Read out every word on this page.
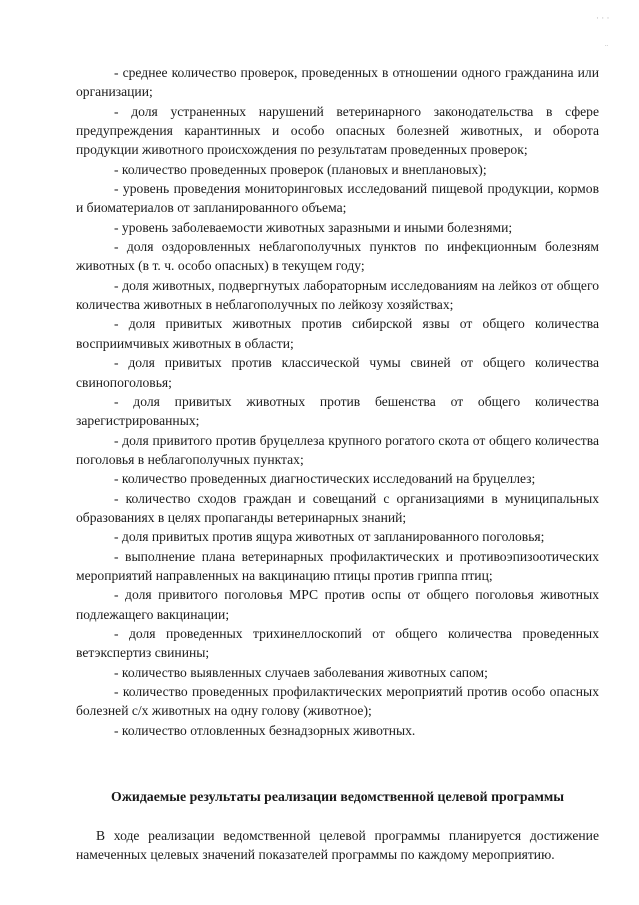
· · ·
¨

- среднее количество проверок, проведенных в отношении одного гражданина или организации;

- доля устраненных нарушений ветеринарного законодательства в сфере предупреждения карантинных и особо опасных болезней животных, и оборота продукции животного происхождения по результатам проведенных проверок;

- количество проведенных проверок (плановых и внеплановых);

- уровень проведения мониторинговых исследований пищевой продукции, кормов и биоматериалов от запланированного объема;

- уровень заболеваемости животных заразными и иными болезнями;

- доля оздоровленных неблагополучных пунктов по инфекционным болезням животных (в т. ч. особо опасных) в текущем году;

- доля животных, подвергнутых лабораторным исследованиям на лейкоз от общего количества животных в неблагополучных по лейкозу хозяйствах;

- доля привитых животных против сибирской язвы от общего количества восприимчивых животных в области;

- доля привитых против классической чумы свиней от общего количества свинопоголовья;

- доля привитых животных против бешенства от общего количества зарегистрированных;

- доля привитого против бруцеллеза крупного рогатого скота от общего количества поголовья в неблагополучных пунктах;

- количество проведенных диагностических исследований на бруцеллез;

- количество сходов граждан и совещаний с организациями в муниципальных образованиях в целях пропаганды ветеринарных знаний;

- доля привитых против ящура животных от запланированного поголовья;

- выполнение плана ветеринарных профилактических и противоэпизоотических мероприятий направленных на вакцинацию птицы против гриппа птиц;

- доля привитого поголовья МРС против оспы от общего поголовья животных подлежащего вакцинации;

- доля проведенных трихинеллоскопий от общего количества проведенных ветэкспертиз свинины;

- количество выявленных случаев заболевания животных сапом;

- количество проведенных профилактических мероприятий против особо опасных болезней с/х животных на одну голову (животное);

- количество отловленных безнадзорных животных.

Ожидаемые результаты реализации ведомственной целевой программы

В ходе реализации ведомственной целевой программы планируется достижение намеченных целевых значений показателей программы по каждому мероприятию.
